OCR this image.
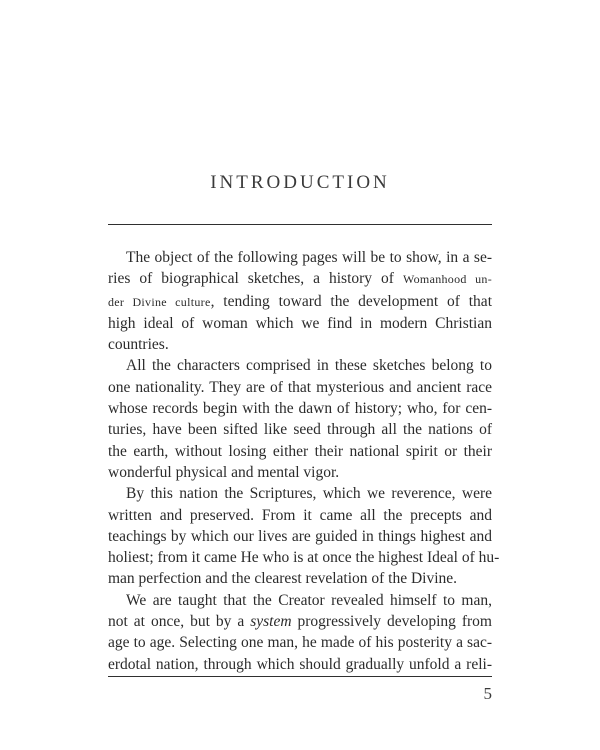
INTRODUCTION
The object of the following pages will be to show, in a se-
ries of biographical sketches, a history of Womanhood un-
der Divine culture, tending toward the development of that
high ideal of woman which we find in modern Christian
countries.
All the characters comprised in these sketches belong to
one nationality. They are of that mysterious and ancient race
whose records begin with the dawn of history; who, for cen-
turies, have been sifted like seed through all the nations of
the earth, without losing either their national spirit or their
wonderful physical and mental vigor.
By this nation the Scriptures, which we reverence, were
written and preserved. From it came all the precepts and
teachings by which our lives are guided in things highest and
holiest; from it came He who is at once the highest Ideal of hu-
man perfection and the clearest revelation of the Divine.
We are taught that the Creator revealed himself to man,
not at once, but by a system progressively developing from
age to age. Selecting one man, he made of his posterity a sac-
erdotal nation, through which should gradually unfold a reli-
5
